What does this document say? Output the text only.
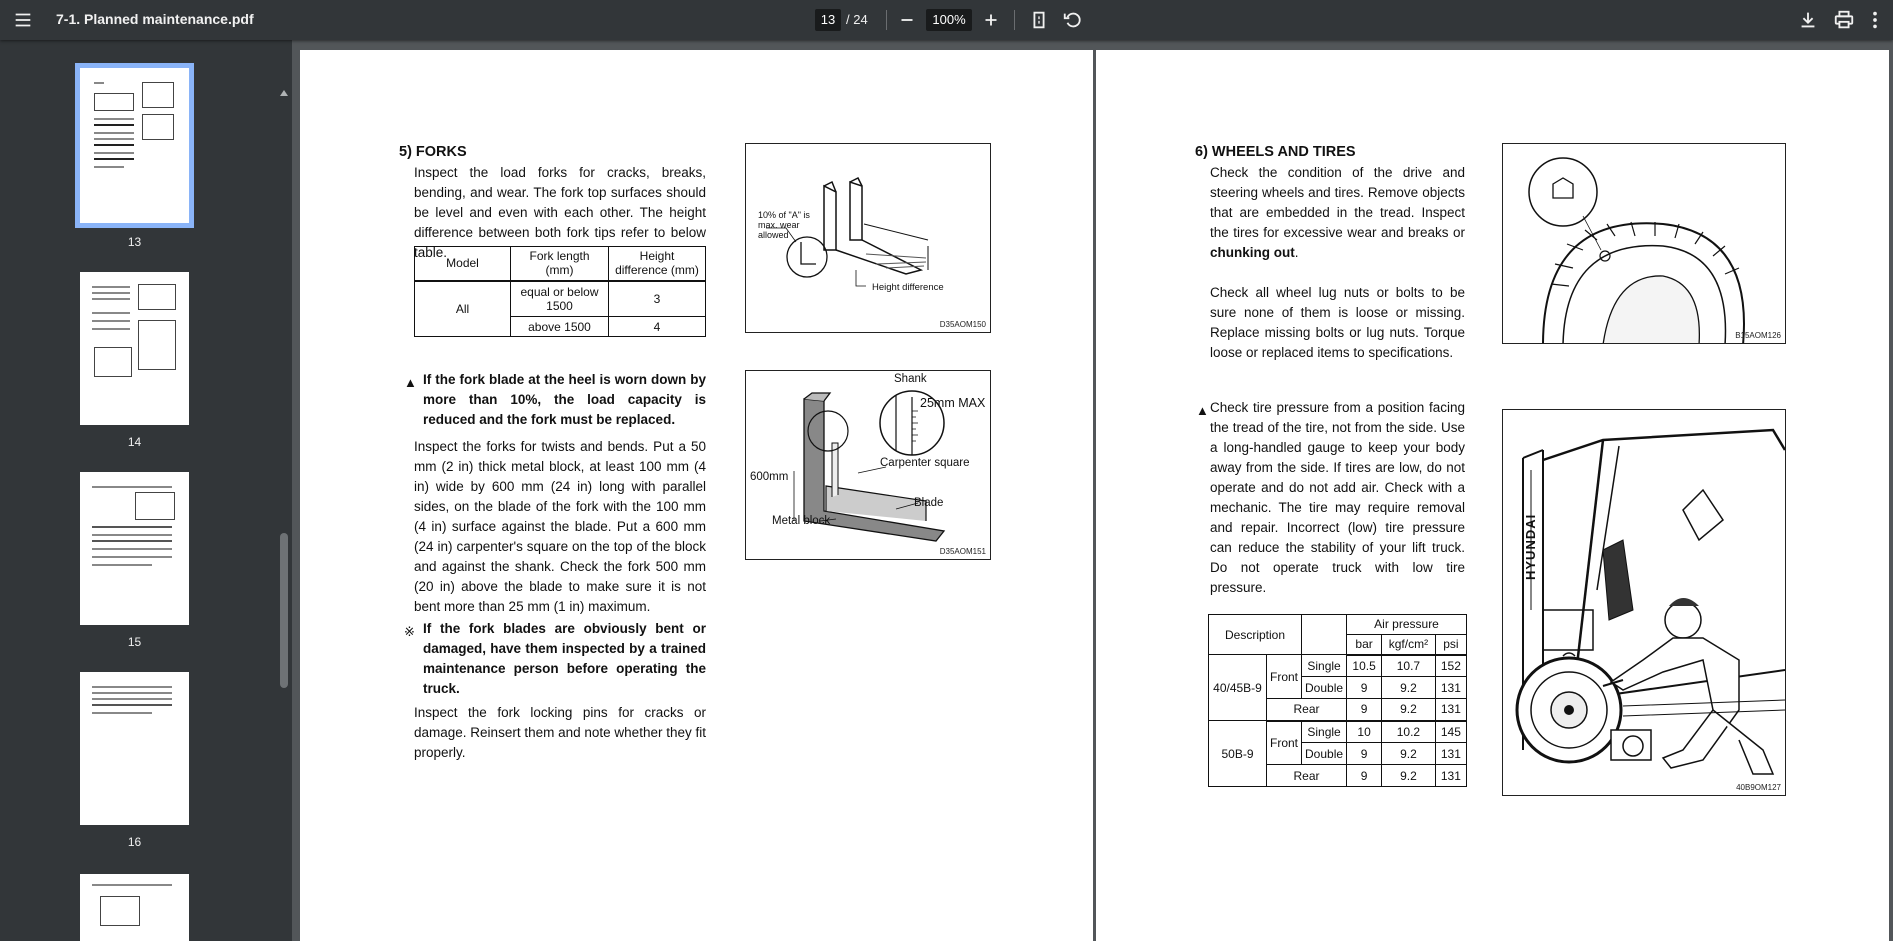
7-1. Planned maintenance.pdf	13 / 24	100%
13
14
15
16
5) FORKS
Inspect the load forks for cracks, breaks, bending, and wear. The fork top surfaces should be level and even with each other. The height difference between both fork tips refer to below table.
Model	Fork length (mm)	Height difference (mm)
All	equal or below 1500	3
	above 1500	4
▲ If the fork blade at the heel is worn down by more than 10%, the load capacity is reduced and the fork must be replaced.
Inspect the forks for twists and bends. Put a 50 mm (2 in) thick metal block, at least 100 mm (4 in) wide by 600 mm (24 in) long with parallel sides, on the blade of the fork with the 100 mm (4 in) surface against the blade. Put a 600 mm (24 in) carpenter's square on the top of the block and against the shank. Check the fork 500 mm (20 in) above the blade to make sure it is not bent more than 25 mm (1 in) maximum.
※ If the fork blades are obviously bent or damaged, have them inspected by a trained maintenance person before operating the truck.
Inspect the fork locking pins for cracks or damage. Reinsert them and note whether they fit properly.
10% of "A" is max. wear allowed
Height difference
D35AOM150
Shank
25mm MAX
Carpenter square
Blade
600mm
Metal block
D35AOM151
6) WHEELS AND TIRES
Check the condition of the drive and steering wheels and tires. Remove objects that are embedded in the tread. Inspect the tires for excessive wear and breaks or chunking out.
Check all wheel lug nuts or bolts to be sure none of them is loose or missing. Replace missing bolts or lug nuts. Torque loose or replaced items to specifications.
▲ Check tire pressure from a position facing the tread of the tire, not from the side. Use a long-handled gauge to keep your body away from the side. If tires are low, do not operate and do not add air. Check with a mechanic. The tire may require removal and repair. Incorrect (low) tire pressure can reduce the stability of your lift truck. Do not operate truck with low tire pressure.
Description			Air pressure		
			bar	kgf/cm²	psi
40/45B-9	Front	Single	10.5	10.7	152
		Double	9	9.2	131
	Rear		9	9.2	131
50B-9	Front	Single	10	10.2	145
		Double	9	9.2	131
	Rear		9	9.2	131
B15AOM126
HYUNDAI
40B9OM127
